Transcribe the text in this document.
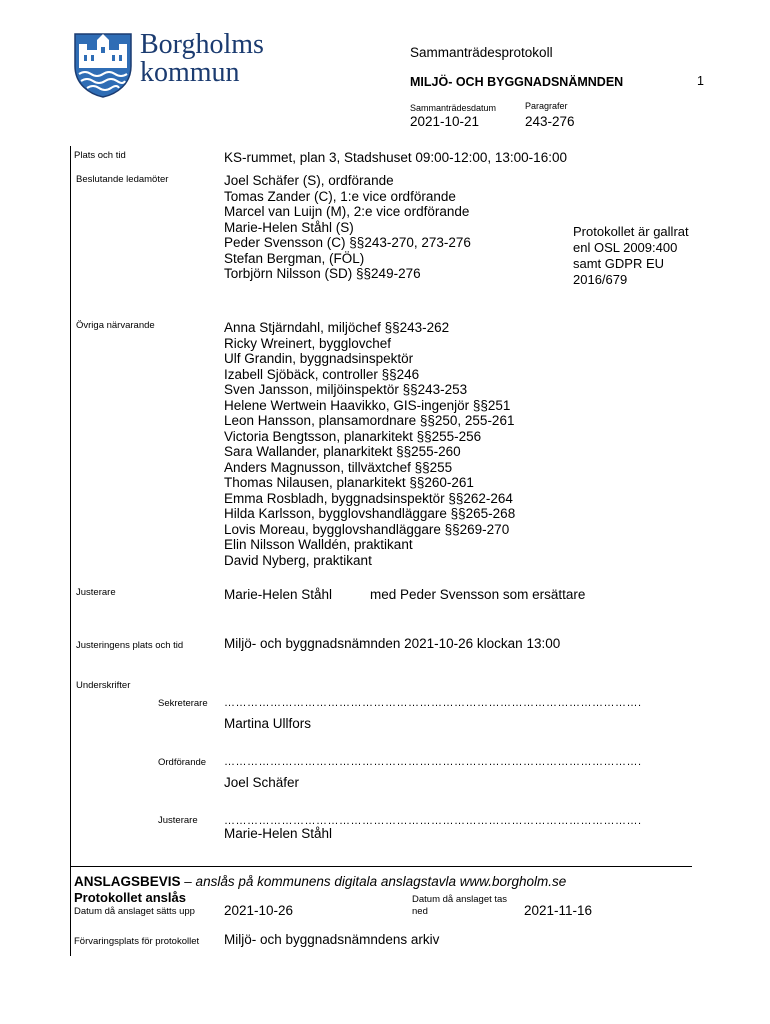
Borgholms
kommun
Sammanträdesprotokoll
MILJÖ- OCH BYGGNADSNÄMNDEN	1
Sammanträdesdatum	Paragrafer
2021-10-21	243-276
Plats och tid	KS-rummet, plan 3, Stadshuset 09:00-12:00, 13:00-16:00
Beslutande ledamöter	Joel Schäfer (S), ordförande
Tomas Zander (C), 1:e vice ordförande
Marcel van Luijn (M), 2:e vice ordförande
Marie-Helen Ståhl (S)
Peder Svensson (C) §§243-270, 273-276
Stefan Bergman, (FÖL)
Torbjörn Nilsson (SD) §§249-276
Protokollet är gallrat
enl OSL 2009:400
samt GDPR EU
2016/679
Övriga närvarande	Anna Stjärndahl, miljöchef §§243-262
Ricky Wreinert, bygglovchef
Ulf Grandin, byggnadsinspektör
Izabell Sjöbäck, controller §§246
Sven Jansson, miljöinspektör §§243-253
Helene Wertwein Haavikko, GIS-ingenjör §§251
Leon Hansson, plansamordnare §§250, 255-261
Victoria Bengtsson, planarkitekt §§255-256
Sara Wallander, planarkitekt §§255-260
Anders Magnusson, tillväxtchef §§255
Thomas Nilausen, planarkitekt §§260-261
Emma Rosbladh, byggnadsinspektör §§262-264
Hilda Karlsson, bygglovshandläggare §§265-268
Lovis Moreau, bygglovshandläggare §§269-270
Elin Nilsson Walldén, praktikant
David Nyberg, praktikant
Justerare	Marie-Helen Ståhl	med Peder Svensson som ersättare
Justeringens plats och tid	Miljö- och byggnadsnämnden 2021-10-26 klockan 13:00
Underskrifter
Sekreterare ……………………………………………………………………………………………….
Martina Ullfors
Ordförande ……………………………………………………………………………………………….
Joel Schäfer
Justerare ……………………………………………………………………………………………….
Marie-Helen Ståhl
ANSLAGSBEVIS – anslås på kommunens digitala anslagstavla www.borgholm.se
Protokollet anslås
Datum då anslaget sätts upp 2021-10-26
Datum då anslaget tas
ned	2021-11-16
Förvaringsplats för protokollet Miljö- och byggnadsnämndens arkiv
